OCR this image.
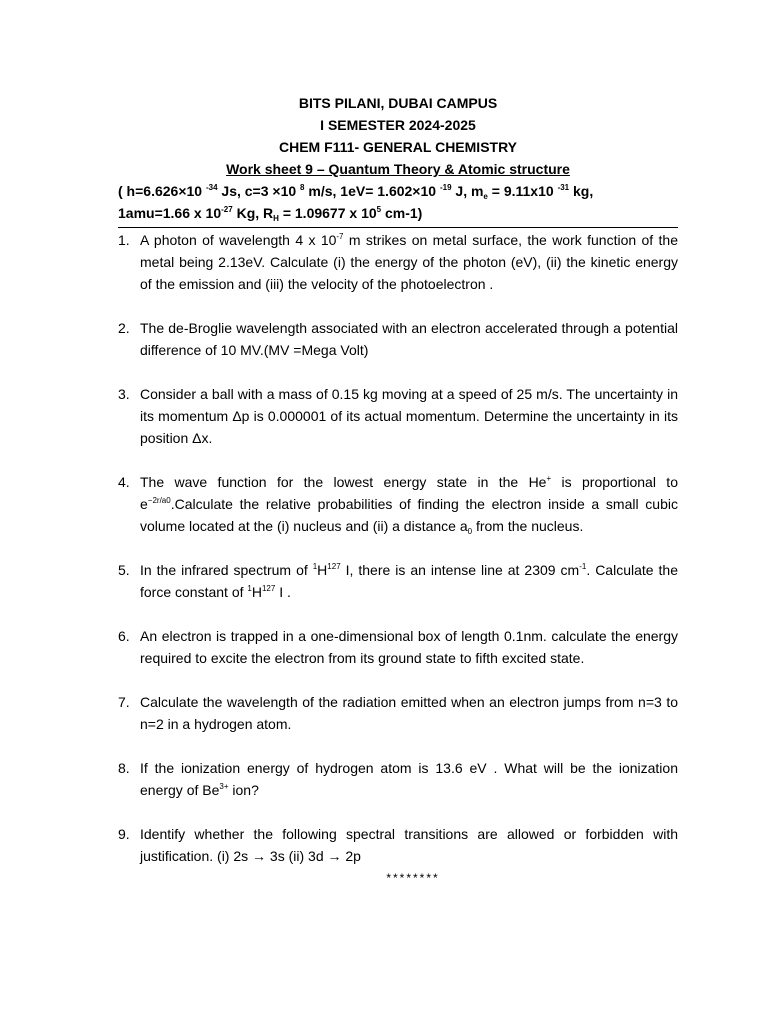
BITS PILANI, DUBAI CAMPUS
I SEMESTER 2024-2025
CHEM F111- GENERAL CHEMISTRY
Work sheet 9 – Quantum Theory & Atomic structure
( h=6.626×10 $^{-34}$ Js, c=3 ×10 $^8$ m/s, 1eV= 1.602×10 $^{-19}$ J, $m_e = 9.11x10$ $^{-31}$ kg,
1amu=1.66 x $10^{-27}$ Kg, $R_H = 1.09677$ x $10^5$ cm-1)
1. A photon of wavelength 4 x $10^{-7}$ m strikes on metal surface, the work function of the metal being 2.13eV. Calculate (i) the energy of the photon (eV), (ii) the kinetic energy of the emission and (iii) the velocity of the photoelectron .
2. The de-Broglie wavelength associated with an electron accelerated through a potential difference of 10 MV.(MV =Mega Volt)
3. Consider a ball with a mass of 0.15 kg moving at a speed of 25 m/s. The uncertainty in its momentum Δp is 0.000001 of its actual momentum. Determine the uncertainty in its position Δx.
4. The wave function for the lowest energy state in the He+ is proportional to $e^{-2r/a0}.Calculate$ the relative probabilities of finding the electron inside a small cubic volume located at the (i) nucleus and (ii) a distance $a_0$ from the nucleus.
5. In the infrared spectrum of $^1H^{127}$ I, there is an intense line at 2309 $cm^{-1}$. Calculate the force constant of $^1H^{127}$ I .
6. An electron is trapped in a one-dimensional box of length 0.1nm. calculate the energy required to excite the electron from its ground state to fifth excited state.
7. Calculate the wavelength of the radiation emitted when an electron jumps from n=3 to n=2 in a hydrogen atom.
8. If the ionization energy of hydrogen atom is 13.6 eV . What will be the ionization energy of $Be^{3+}$ ion?
9. Identify whether the following spectral transitions are allowed or forbidden with justification. (i) 2s → 3s (ii) 3d → 2p
********
